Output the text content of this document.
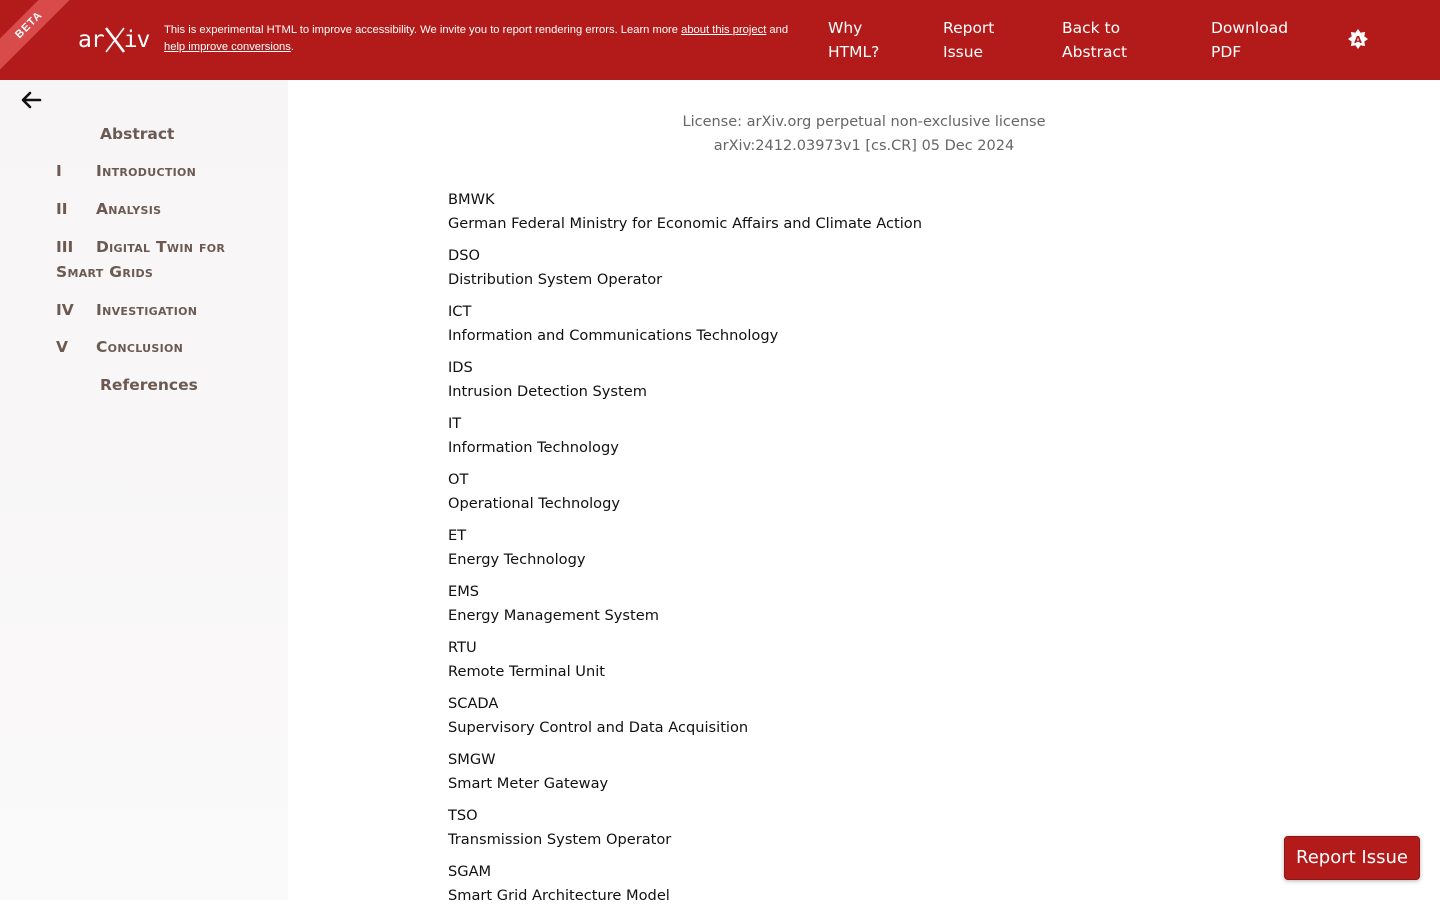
BETA	ar iv This is experimental HTML to improve accessibility. We invite you to report rendering errors. Learn more about this project and
help improve conversions.
Why
HTML?
Report
Issue
Back to
Abstract
Download
PDF
A
Abstract
I Introduction
II Analysis
III Digital Twin for
Smart Grids
IV Investigation
V Conclusion
References
License: arXiv.org perpetual non-exclusive license
arXiv:2412.03973v1 [cs.CR] 05 Dec 2024
BMWK
German Federal Ministry for Economic Affairs and Climate Action
DSO
Distribution System Operator
ICT
Information and Communications Technology
IDS
Intrusion Detection System
IT
Information Technology
OT
Operational Technology
ET
Energy Technology
EMS
Energy Management System
RTU
Remote Terminal Unit
SCADA
Supervisory Control and Data Acquisition
SMGW
Smart Meter Gateway
TSO
Transmission System Operator
SGAM
Smart Grid Architecture Model
Report Issue
